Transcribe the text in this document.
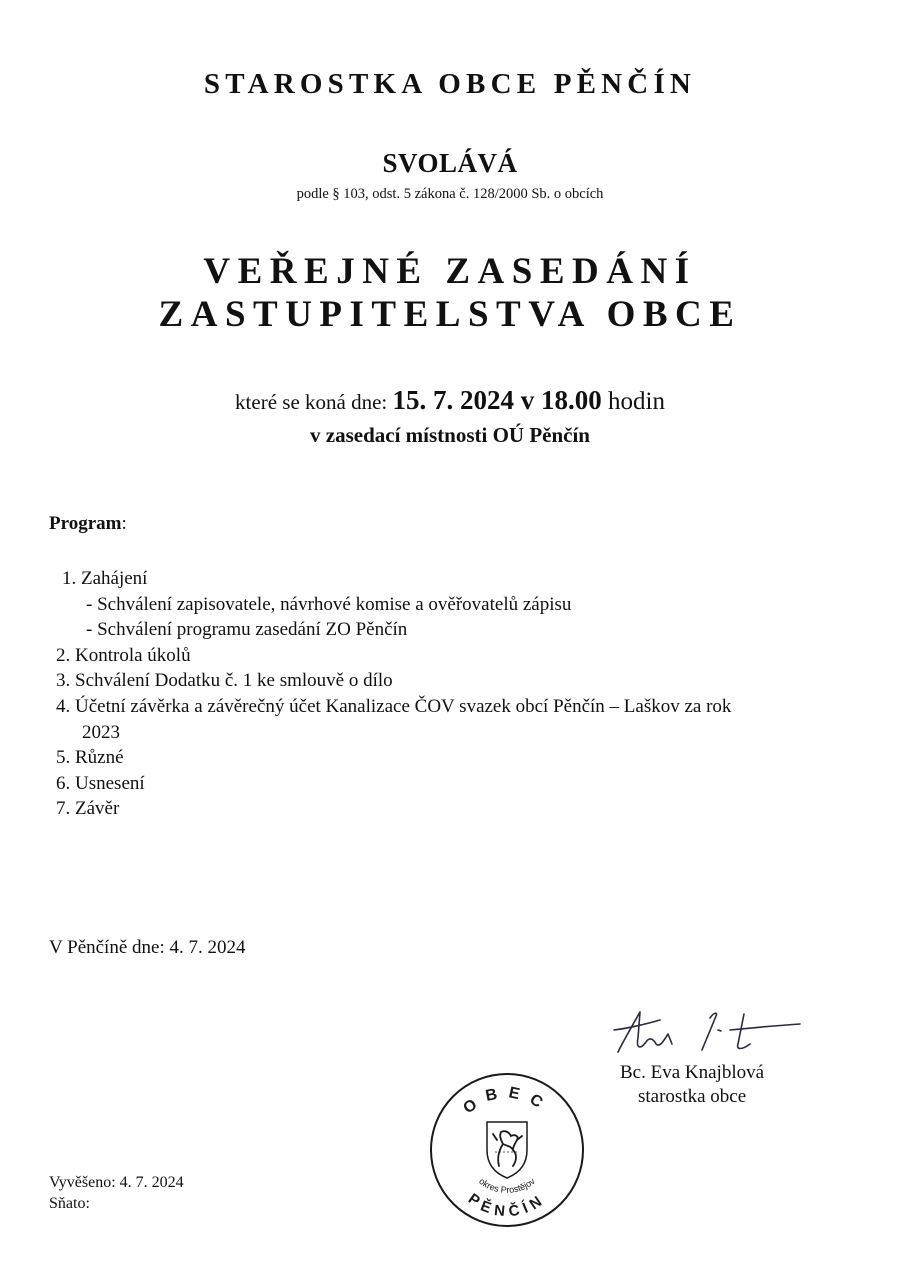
STAROSTKA OBCE PĚNČÍN
SVOLÁVÁ
podle § 103, odst. 5 zákona č. 128/2000 Sb. o obcích
VEŘEJNÉ ZASEDÁNÍ
ZASTUPITELSTVA OBCE
které se koná dne: 15. 7. 2024 v 18.00 hodin
v zasedací místnosti OÚ Pěnčín
Program:
1. Zahájení
- Schválení zapisovatele, návrhové komise a ověřovatelů zápisu
- Schválení programu zasedání ZO Pěnčín
2. Kontrola úkolů
3. Schválení Dodatku č. 1 ke smlouvě o dílo
4. Účetní závěrka a závěrečný účet Kanalizace ČOV svazek obcí Pěnčín – Laškov za rok
2023
5. Různé
6. Usnesení
7. Závěr
V Pěnčíně dne: 4. 7. 2024
Bc. Eva Knajblová
starostka obce
OBEC
okres Prostějov
PĚNČÍN
Vyvěšeno: 4. 7. 2024
Sňato:
